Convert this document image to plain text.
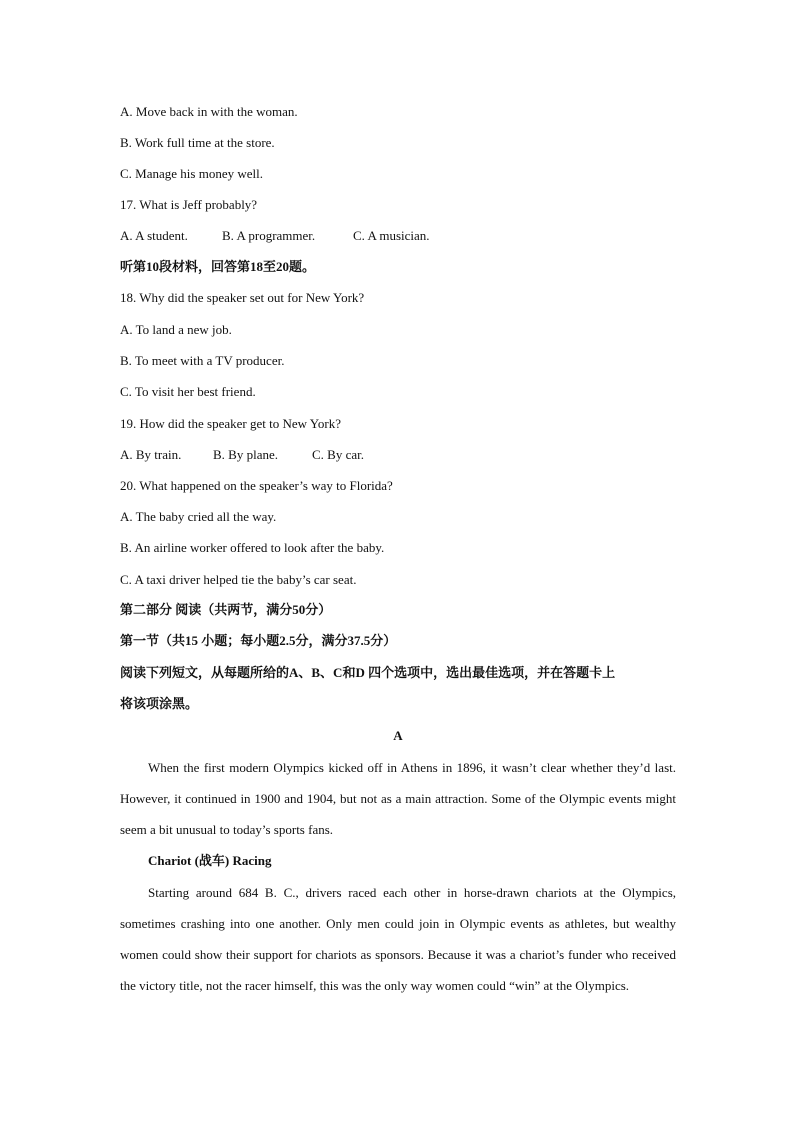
A. Move back in with the woman.
B. Work full time at the store.
C. Manage his money well.
17. What is Jeff probably?
A. A student.	B. A programmer.	C. A musician.
听第10段材料，回答第18至20题。
18. Why did the speaker set out for New York?
A. To land a new job.
B. To meet with a TV producer.
C. To visit her best friend.
19. How did the speaker get to New York?
A. By train. B. By plane.	C. By car.
20. What happened on the speaker’s way to Florida?
A. The baby cried all the way.
B. An airline worker offered to look after the baby.
C. A taxi driver helped tie the baby’s car seat.
第二部分 阅读（共两节，满分50分）
第一节（共15 小题；每小题2.5分，满分37.5分）
阅读下列短文，从每题所给的A、B、C和D 四个选项中，选出最佳选项，并在答题卡上
将该项涂黑。
A
When the first modern Olympics kicked off in Athens in 1896, it wasn’t clear whether they’d last. However, it continued in 1900 and 1904, but not as a main attraction. Some of the Olympic events might seem a bit unusual to today’s sports fans.
Chariot (战车) Racing
Starting around 684 B. C., drivers raced each other in horse-drawn chariots at the Olympics, sometimes crashing into one another. Only men could join in Olympic events as athletes, but wealthy women could show their support for chariots as sponsors. Because it was a chariot’s funder who received the victory title, not the racer himself, this was the only way women could “win” at the Olympics.
